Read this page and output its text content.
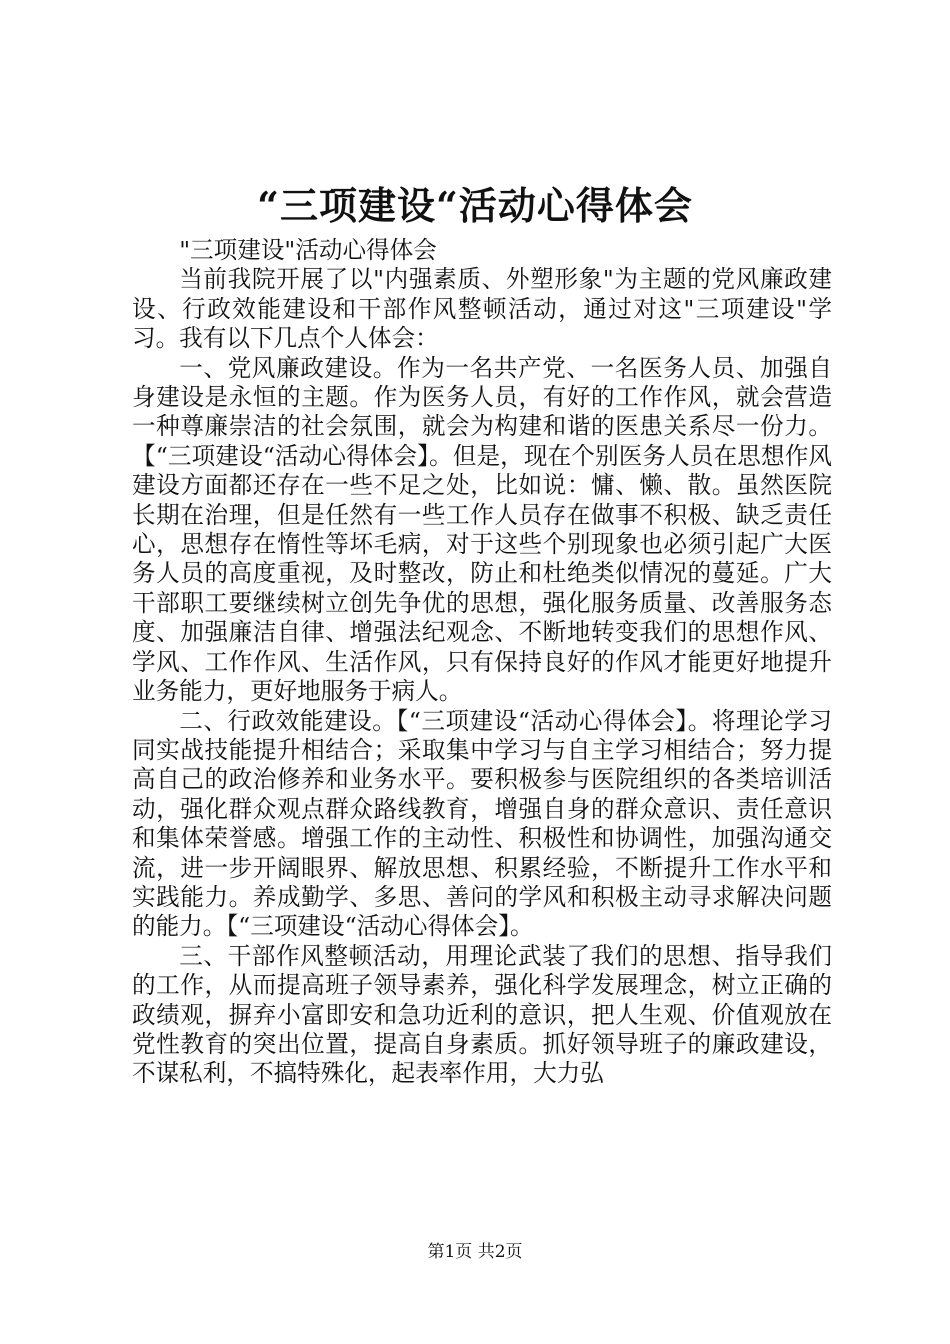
“三项建设“活动心得体会

"三项建设"活动心得体会

当前我院开展了以"内强素质、外塑形象"为主题的党风廉政建设、行政效能建设和干部作风整顿活动，通过对这"三项建设"学习。我有以下几点个人体会：

一、党风廉政建设。作为一名共产党、一名医务人员、加强自身建设是永恒的主题。作为医务人员，有好的工作作风，就会营造一种尊廉崇洁的社会氛围，就会为构建和谐的医患关系尽一份力。【“三项建设“活动心得体会】。但是，现在个别医务人员在思想作风建设方面都还存在一些不足之处，比如说：慵、懒、散。虽然医院长期在治理，但是任然有一些工作人员存在做事不积极、缺乏责任心，思想存在惰性等坏毛病，对于这些个别现象也必须引起广大医务人员的高度重视，及时整改，防止和杜绝类似情况的蔓延。广大干部职工要继续树立创先争优的思想，强化服务质量、改善服务态度、加强廉洁自律、增强法纪观念、不断地转变我们的思想作风、学风、工作作风、生活作风，只有保持良好的作风才能更好地提升业务能力，更好地服务于病人。

二、行政效能建设。【“三项建设“活动心得体会】。将理论学习同实战技能提升相结合；采取集中学习与自主学习相结合；努力提高自己的政治修养和业务水平。要积极参与医院组织的各类培训活动，强化群众观点群众路线教育，增强自身的群众意识、责任意识和集体荣誉感。增强工作的主动性、积极性和协调性，加强沟通交流，进一步开阔眼界、解放思想、积累经验，不断提升工作水平和实践能力。养成勤学、多思、善问的学风和积极主动寻求解决问题的能力。【“三项建设“活动心得体会】。

三、干部作风整顿活动，用理论武装了我们的思想、指导我们的工作，从而提高班子领导素养，强化科学发展理念，树立正确的政绩观，摒弃小富即安和急功近利的意识，把人生观、价值观放在党性教育的突出位置，提高自身素质。抓好领导班子的廉政建设，不谋私利，不搞特殊化，起表率作用，大力弘

第1页 共2页
